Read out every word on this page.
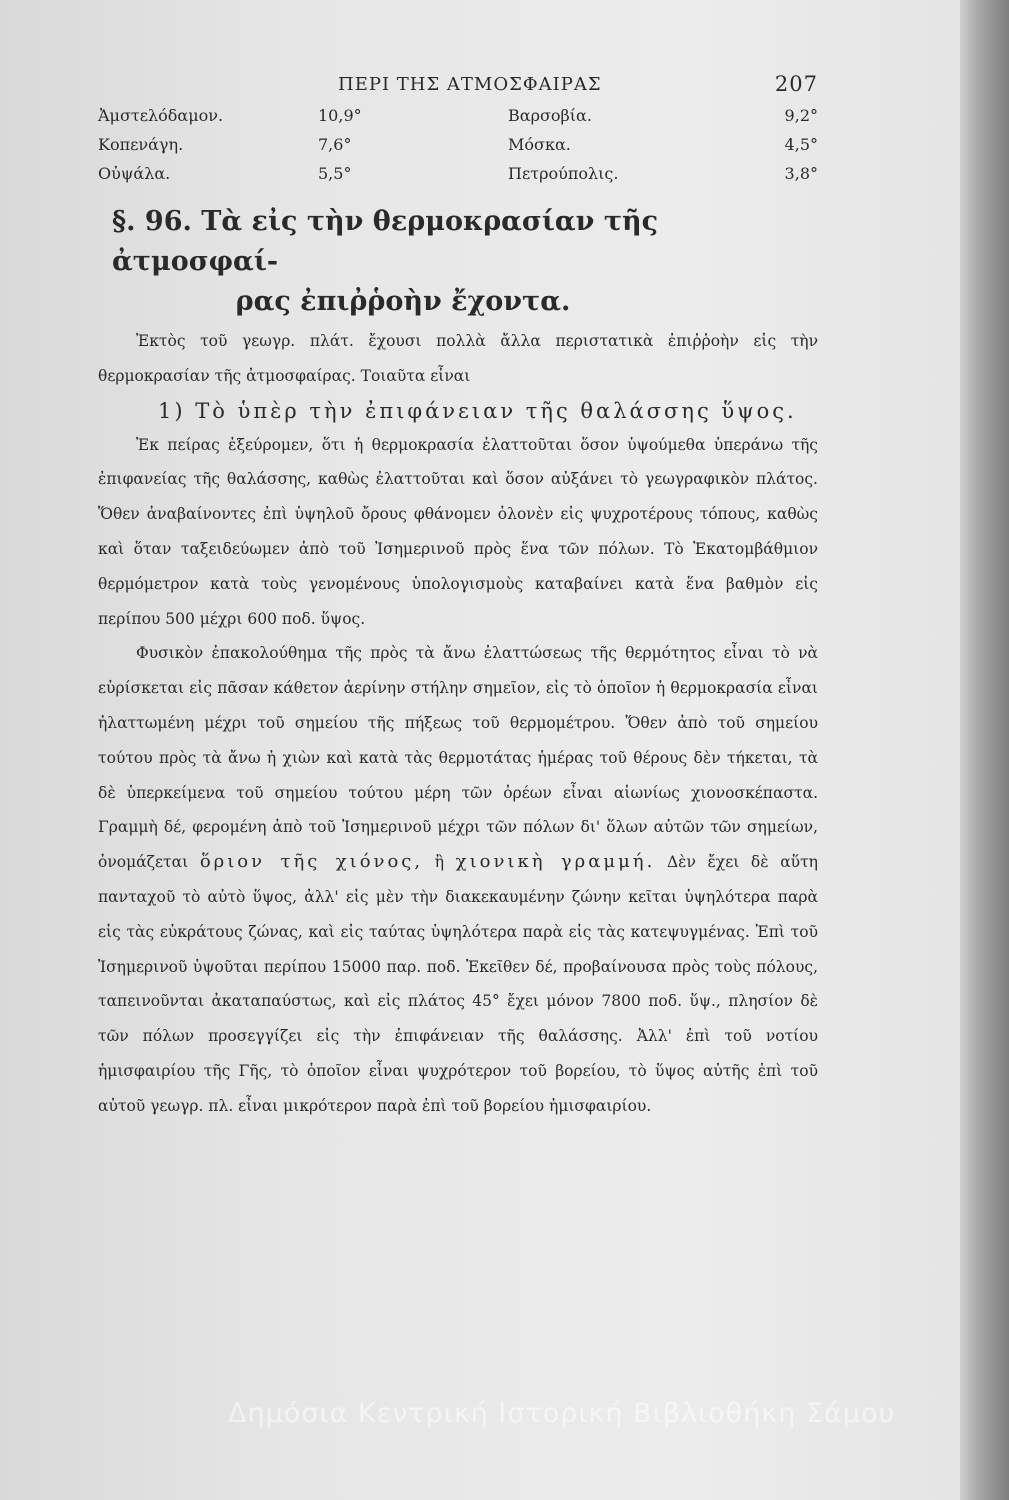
ΠΕΡΙ ΤΗΣ ΑΤΜΟΣΦΑΙΡΑΣ	207
Ἀμστελόδαμον.	10,9°	Βαρσοβία.	9,2°
Κοπενάγη.	7,6°	Μόσκα.	4,5°
Οὐψάλα.	5,5°	Πετρούπολις.	3,8°
§. 96. Τὰ εἰς τὴν θερμοκρασίαν τῆς ἀτμοσφαί-
ρας ἐπιῤῥοὴν ἔχοντα.

Ἐκτὸς τοῦ γεωγρ. πλάτ. ἔχουσι πολλὰ ἄλλα περιστατικὰ ἐπιῤῥοὴν εἰς τὴν θερμοκρασίαν τῆς ἀτμοσφαίρας. Τοιαῦτα εἶναι

1) Τὸ ὑπὲρ τὴν ἐπιφάνειαν τῆς θαλάσσης ὕψος.

Ἐκ πείρας ἐξεύρομεν, ὅτι ἡ θερμοκρασία ἐλαττοῦται ὅσον ὑψούμεθα ὑπεράνω τῆς ἐπιφανείας τῆς θαλάσσης, καθὼς ἐλαττοῦται καὶ ὅσον αὐξάνει τὸ γεωγραφικὸν πλάτος. Ὅθεν ἀναβαίνοντες ἐπὶ ὑψηλοῦ ὄρους φθάνομεν ὁλονὲν εἰς ψυχροτέρους τόπους, καθὼς καὶ ὅταν ταξειδεύωμεν ἀπὸ τοῦ Ἰσημερινοῦ πρὸς ἕνα τῶν πόλων. Τὸ Ἑκατομβάθμιον θερμόμετρον κατὰ τοὺς γενομένους ὑπολογισμοὺς καταβαίνει κατὰ ἕνα βαθμὸν εἰς περίπου 500 μέχρι 600 ποδ. ὕψος.

Φυσικὸν ἐπακολούθημα τῆς πρὸς τὰ ἄνω ἐλαττώσεως τῆς θερμότητος εἶναι τὸ νὰ εὑρίσκεται εἰς πᾶσαν κάθετον ἀερίνην στήλην σημεῖον, εἰς τὸ ὁποῖον ἡ θερμοκρασία εἶναι ἠλαττωμένη μέχρι τοῦ σημείου τῆς πήξεως τοῦ θερμομέτρου. Ὅθεν ἀπὸ τοῦ σημείου τούτου πρὸς τὰ ἄνω ἡ χιὼν καὶ κατὰ τὰς θερμοτάτας ἡμέρας τοῦ θέρους δὲν τήκεται, τὰ δὲ ὑπερκείμενα τοῦ σημείου τούτου μέρη τῶν ὀρέων εἶναι αἰωνίως χιονοσκέπαστα. Γραμμὴ δέ, φερομένη ἀπὸ τοῦ Ἰσημερινοῦ μέχρι τῶν πόλων δι' ὅλων αὐτῶν τῶν σημείων, ὀνομάζεται ὅριον τῆς χιόνος, ἢ χιονικὴ γραμμή. Δὲν ἔχει δὲ αὕτη πανταχοῦ τὸ αὐτὸ ὕψος, ἀλλ' εἰς μὲν τὴν διακεκαυμένην ζώνην κεῖται ὑψηλότερα παρὰ εἰς τὰς εὐκράτους ζώνας, καὶ εἰς ταύτας ὑψηλότερα παρὰ εἰς τὰς κατεψυγμένας. Ἐπὶ τοῦ Ἰσημερινοῦ ὑψοῦται περίπου 15000 παρ. ποδ. Ἐκεῖθεν δέ, προβαίνουσα πρὸς τοὺς πόλους, ταπεινοῦνται ἀκαταπαύστως, καὶ εἰς πλάτος 45° ἔχει μόνον 7800 ποδ. ὕψ., πλησίον δὲ τῶν πόλων προσεγγίζει εἰς τὴν ἐπιφάνειαν τῆς θαλάσσης. Ἀλλ' ἐπὶ τοῦ νοτίου ἡμισφαιρίου τῆς Γῆς, τὸ ὁποῖον εἶναι ψυχρότερον τοῦ βορείου, τὸ ὕψος αὐτῆς ἐπὶ τοῦ αὐτοῦ γεωγρ. πλ. εἶναι μικρότερον παρὰ ἐπὶ τοῦ βορείου ἡμισφαιρίου.

Δημόσια Κεντρική Ιστορική Βιβλιοθήκη Σάμου
